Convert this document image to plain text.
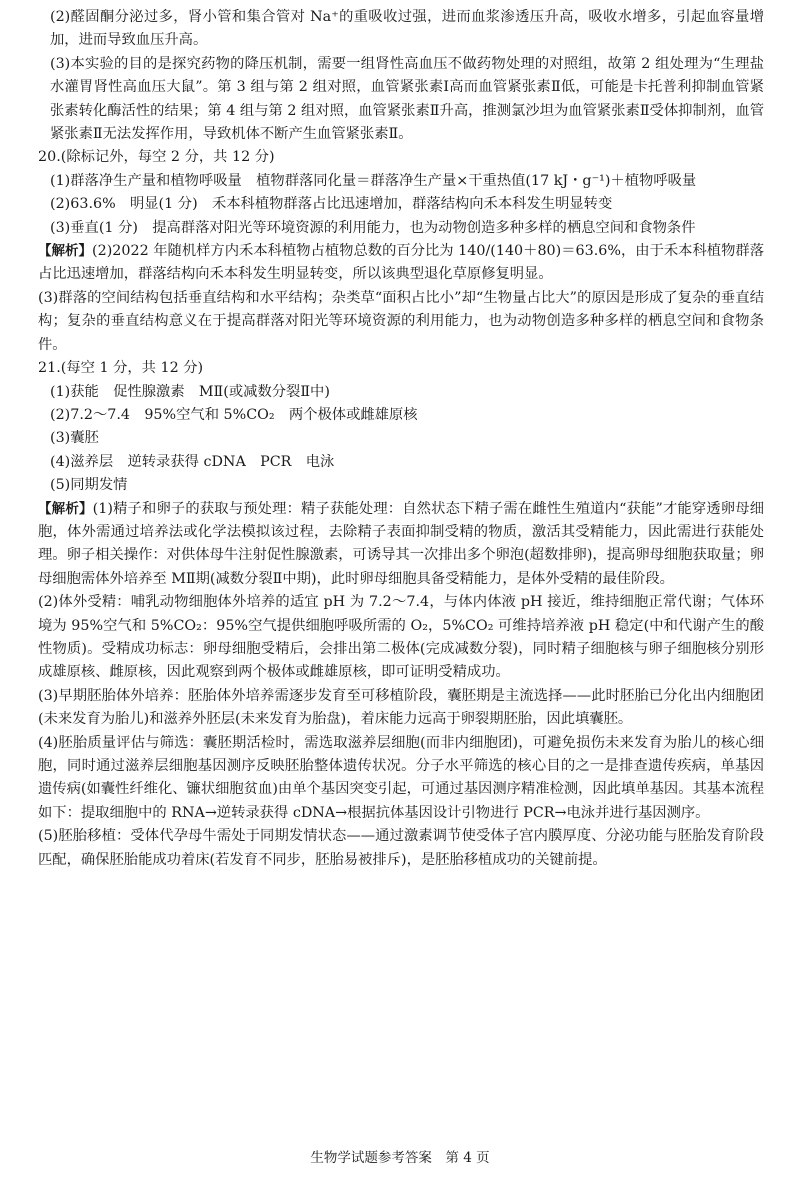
(2)醛固酮分泌过多，肾小管和集合管对 Na⁺的重吸收过强，进而血浆渗透压升高，吸收水增多，引起血容量增加，进而导致血压升高。

(3)本实验的目的是探究药物的降压机制，需要一组肾性高血压不做药物处理的对照组，故第 2 组处理为“生理盐水灌胃肾性高血压大鼠”。第 3 组与第 2 组对照，血管紧张素Ⅰ高而血管紧张素Ⅱ低，可能是卡托普利抑制血管紧张素转化酶活性的结果；第 4 组与第 2 组对照，血管紧张素Ⅱ升高，推测氯沙坦为血管紧张素Ⅱ受体抑制剂，血管紧张素Ⅱ无法发挥作用，导致机体不断产生血管紧张素Ⅱ。

20.(除标记外，每空 2 分，共 12 分)

(1)群落净生产量和植物呼吸量　植物群落同化量＝群落净生产量×干重热值(17 kJ・g⁻¹)＋植物呼吸量

(2)63.6%　明显(1 分)　禾本科植物群落占比迅速增加，群落结构向禾本科发生明显转变

(3)垂直(1 分)　提高群落对阳光等环境资源的利用能力，也为动物创造多种多样的栖息空间和食物条件

【解析】(2)2022 年随机样方内禾本科植物占植物总数的百分比为 140/(140＋80)＝63.6%，由于禾本科植物群落占比迅速增加，群落结构向禾本科发生明显转变，所以该典型退化草原修复明显。

(3)群落的空间结构包括垂直结构和水平结构；杂类草“面积占比小”却“生物量占比大”的原因是形成了复杂的垂直结构；复杂的垂直结构意义在于提高群落对阳光等环境资源的利用能力，也为动物创造多种多样的栖息空间和食物条件。

21.(每空 1 分，共 12 分)

(1)获能　促性腺激素　MⅡ(或减数分裂Ⅱ中)

(2)7.2～7.4　95%空气和 5%CO₂　两个极体或雌雄原核

(3)囊胚

(4)滋养层　逆转录获得 cDNA　PCR　电泳

(5)同期发情

【解析】(1)精子和卵子的获取与预处理：精子获能处理：自然状态下精子需在雌性生殖道内“获能”才能穿透卵母细胞，体外需通过培养法或化学法模拟该过程，去除精子表面抑制受精的物质，激活其受精能力，因此需进行获能处理。卵子相关操作：对供体母牛注射促性腺激素，可诱导其一次排出多个卵泡(超数排卵)，提高卵母细胞获取量；卵母细胞需体外培养至 MⅡ期(减数分裂Ⅱ中期)，此时卵母细胞具备受精能力，是体外受精的最佳阶段。

(2)体外受精：哺乳动物细胞体外培养的适宜 pH 为 7.2～7.4，与体内体液 pH 接近，维持细胞正常代谢；气体环境为 95%空气和 5%CO₂：95%空气提供细胞呼吸所需的 O₂，5%CO₂ 可维持培养液 pH 稳定(中和代谢产生的酸性物质)。受精成功标志：卵母细胞受精后，会排出第二极体(完成减数分裂)，同时精子细胞核与卵子细胞核分别形成雄原核、雌原核，因此观察到两个极体或雌雄原核，即可证明受精成功。

(3)早期胚胎体外培养：胚胎体外培养需逐步发育至可移植阶段，囊胚期是主流选择——此时胚胎已分化出内细胞团(未来发育为胎儿)和滋养外胚层(未来发育为胎盘)，着床能力远高于卵裂期胚胎，因此填囊胚。

(4)胚胎质量评估与筛选：囊胚期活检时，需选取滋养层细胞(而非内细胞团)，可避免损伤未来发育为胎儿的核心细胞，同时通过滋养层细胞基因测序反映胚胎整体遗传状况。分子水平筛选的核心目的之一是排查遗传疾病，单基因遗传病(如囊性纤维化、镰状细胞贫血)由单个基因突变引起，可通过基因测序精准检测，因此填单基因。其基本流程如下：提取细胞中的 RNA→逆转录获得 cDNA→根据抗体基因设计引物进行 PCR→电泳并进行基因测序。

(5)胚胎移植：受体代孕母牛需处于同期发情状态——通过激素调节使受体子宫内膜厚度、分泌功能与胚胎发育阶段匹配，确保胚胎能成功着床(若发育不同步，胚胎易被排斥)，是胚胎移植成功的关键前提。

生物学试题参考答案　第 4 页
